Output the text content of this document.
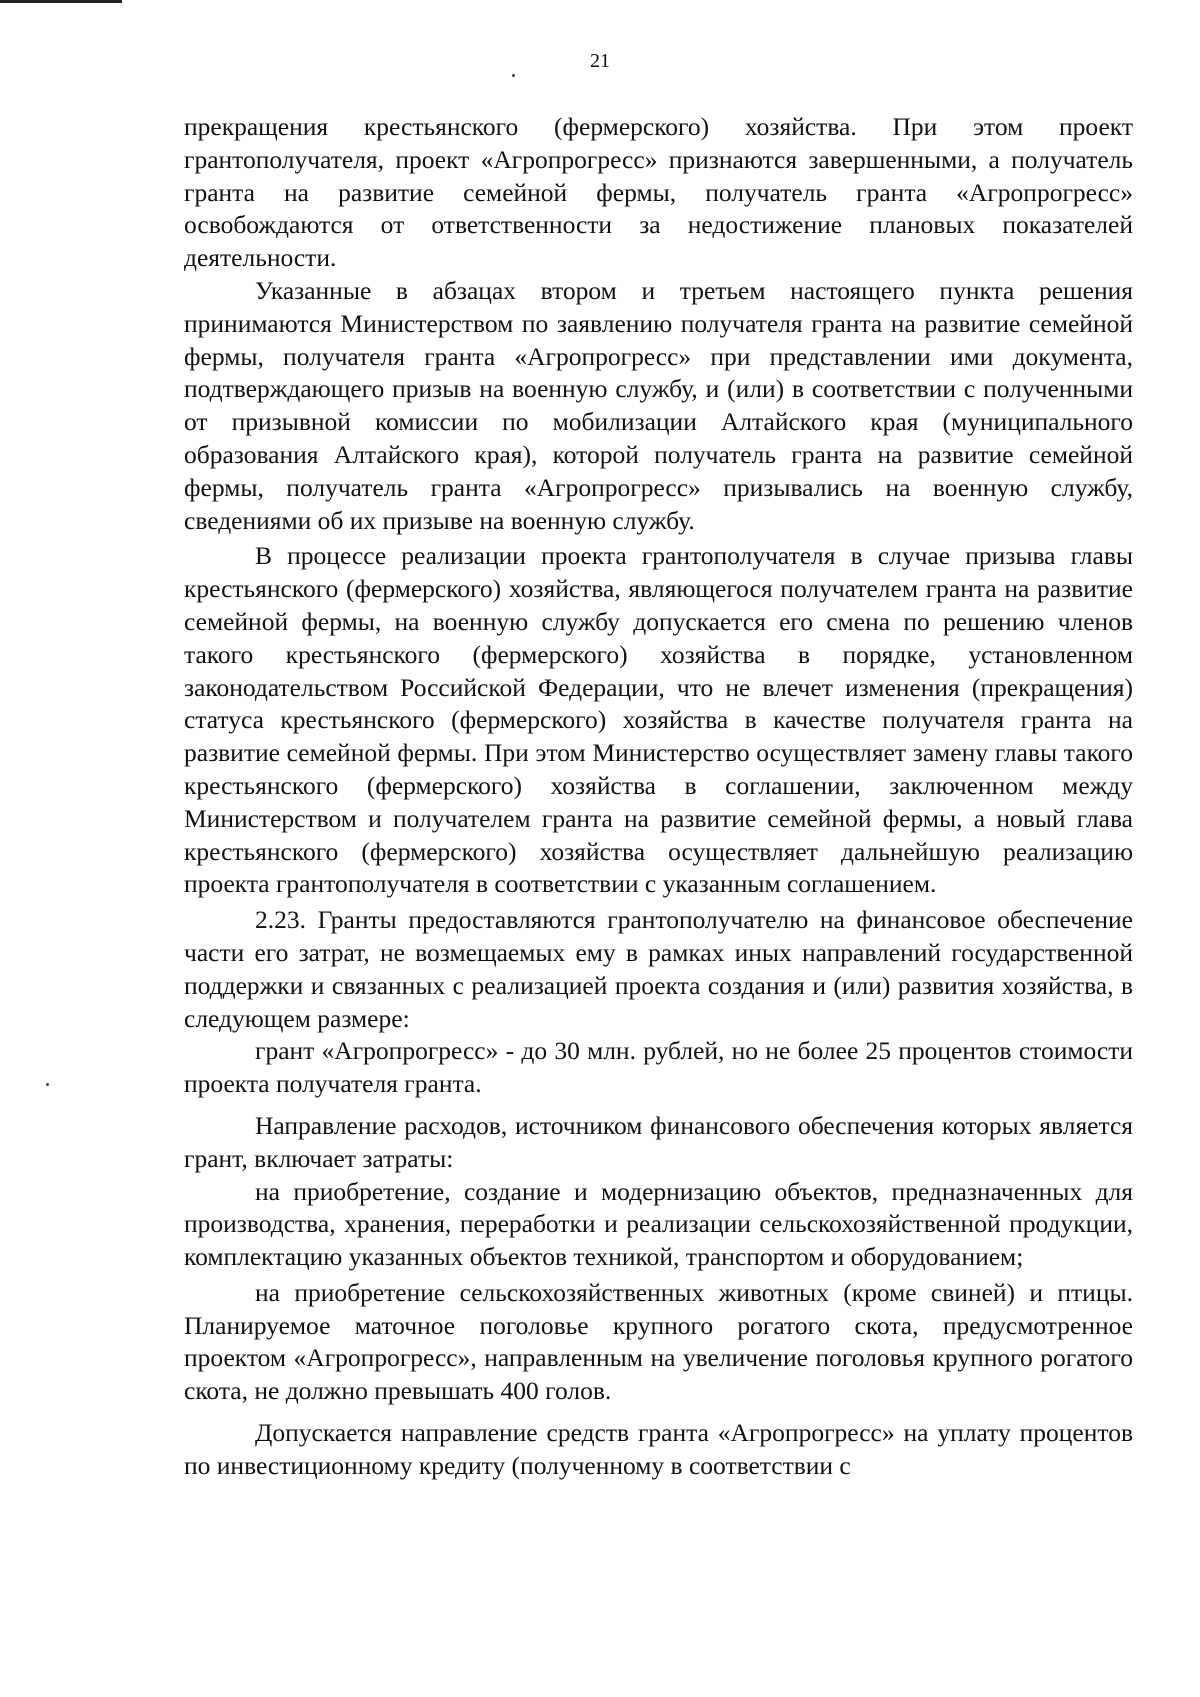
21

прекращения крестьянского (фермерского) хозяйства. При этом проект грантополучателя, проект «Агропрогресс» признаются завершенными, а получатель гранта на развитие семейной фермы, получатель гранта «Агропрогресс» освобождаются от ответственности за недостижение плановых показателей деятельности.

Указанные в абзацах втором и третьем настоящего пункта решения принимаются Министерством по заявлению получателя гранта на развитие семейной фермы, получателя гранта «Агропрогресс» при представлении ими документа, подтверждающего призыв на военную службу, и (или) в соответствии с полученными от призывной комиссии по мобилизации Алтайского края (муниципального образования Алтайского края), которой получатель гранта на развитие семейной фермы, получатель гранта «Агропрогресс» призывались на военную службу, сведениями об их призыве на военную службу.

В процессе реализации проекта грантополучателя в случае призыва главы крестьянского (фермерского) хозяйства, являющегося получателем гранта на развитие семейной фермы, на военную службу допускается его смена по решению членов такого крестьянского (фермерского) хозяйства в порядке, установленном законодательством Российской Федерации, что не влечет изменения (прекращения) статуса крестьянского (фермерского) хозяйства в качестве получателя гранта на развитие семейной фермы. При этом Министерство осуществляет замену главы такого крестьянского (фермерского) хозяйства в соглашении, заключенном между Министерством и получателем гранта на развитие семейной фермы, а новый глава крестьянского (фермерского) хозяйства осуществляет дальнейшую реализацию проекта грантополучателя в соответствии с указанным соглашением.

2.23. Гранты предоставляются грантополучателю на финансовое обеспечение части его затрат, не возмещаемых ему в рамках иных направлений государственной поддержки и связанных с реализацией проекта создания и (или) развития хозяйства, в следующем размере:

грант «Агропрогресс» - до 30 млн. рублей, но не более 25 процентов стоимости проекта получателя гранта.

Направление расходов, источником финансового обеспечения которых является грант, включает затраты:

на приобретение, создание и модернизацию объектов, предназначенных для производства, хранения, переработки и реализации сельскохозяйственной продукции, комплектацию указанных объектов техникой, транспортом и оборудованием;

на приобретение сельскохозяйственных животных (кроме свиней) и птицы. Планируемое маточное поголовье крупного рогатого скота, предусмотренное проектом «Агропрогресс», направленным на увеличение поголовья крупного рогатого скота, не должно превышать 400 голов.

Допускается направление средств гранта «Агропрогресс» на уплату процентов по инвестиционному кредиту (полученному в соответствии с
